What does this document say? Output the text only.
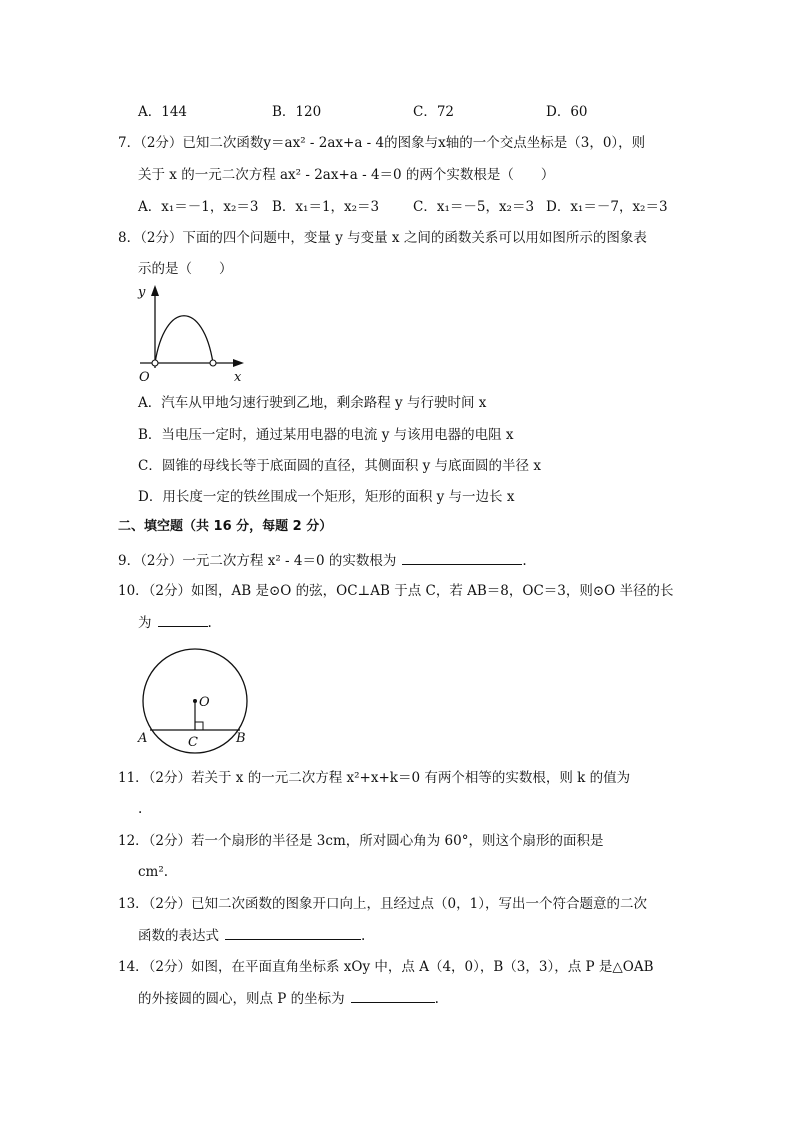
A．144	B．120	C．72	D．60
7．（2分）已知二次函数y＝ax² - 2ax+a - 4的图象与x轴的一个交点坐标是（3，0），则
关于 x 的一元二次方程 ax² - 2ax+a - 4＝0 的两个实数根是（　　）
A．x₁＝－1，x₂＝3 B．x₁＝1，x₂＝3	C．x₁＝－5，x₂＝3 D．x₁＝－7，x₂＝3
8．（2分）下面的四个问题中，变量 y 与变量 x 之间的函数关系可以用如图所示的图象表
示的是（　　）
y
x
O
A．汽车从甲地匀速行驶到乙地，剩余路程 y 与行驶时间 x
B．当电压一定时，通过某用电器的电流 y 与该用电器的电阻 x
C．圆锥的母线长等于底面圆的直径，其侧面积 y 与底面圆的半径 x
D．用长度一定的铁丝围成一个矩形，矩形的面积 y 与一边长 x
二、填空题（共 16 分，每题 2 分）
9．（2分）一元二次方程 x² - 4＝0 的实数根为	.
10．（2分）如图，AB 是⊙O 的弦，OC⊥AB 于点 C，若 AB＝8，OC＝3，则⊙O 半径的长
为	.
O
A	B
C
11．（2分）若关于 x 的一元二次方程 x²+x+k＝0 有两个相等的实数根，则 k 的值为
.
12．（2分）若一个扇形的半径是 3cm，所对圆心角为 60°，则这个扇形的面积是
cm².
13．（2分）已知二次函数的图象开口向上，且经过点（0，1），写出一个符合题意的二次
函数的表达式	.
14．（2分）如图，在平面直角坐标系 xOy 中，点 A（4，0），B（3，3），点 P 是△OAB
的外接圆的圆心，则点 P 的坐标为	.
